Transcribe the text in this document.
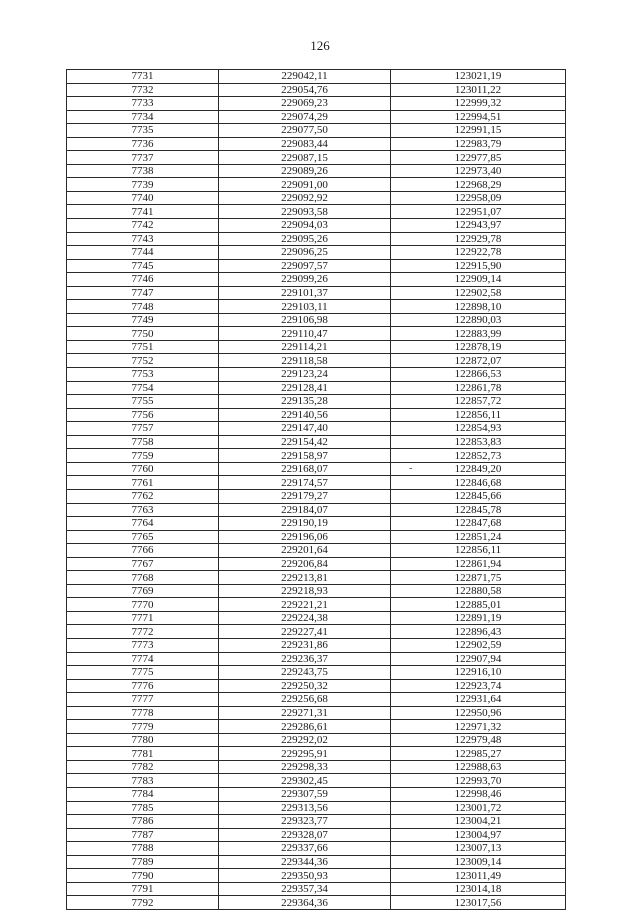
126
7731	229042,11	123021,19
7732	229054,76	123011,22
7733	229069,23	122999,32
7734	229074,29	122994,51
7735	229077,50	122991,15
7736	229083,44	122983,79
7737	229087,15	122977,85
7738	229089,26	122973,40
7739	229091,00	122968,29
7740	229092,92	122958,09
7741	229093,58	122951,07
7742	229094,03	122943,97
7743	229095,26	122929,78
7744	229096,25	122922,78
7745	229097,57	122915,90
7746	229099,26	122909,14
7747	229101,37	122902,58
7748	229103,11	122898,10
7749	229106,98	122890,03
7750	229110,47	122883,99
7751	229114,21	122878,19
7752	229118,58	122872,07
7753	229123,24	122866,53
7754	229128,41	122861,78
7755	229135,28	122857,72
7756	229140,56	122856,11
7757	229147,40	122854,93
7758	229154,42	122853,83
7759	229158,97	122852,73
7760	229168,07	122849,20
-

7761	229174,57	122846,68
7762	229179,27	122845,66
7763	229184,07	122845,78
7764	229190,19	122847,68
7765	229196,06	122851,24
7766	229201,64	122856,11
7767	229206,84	122861,94
7768	229213,81	122871,75
7769	229218,93	122880,58
7770	229221,21	122885,01
7771	229224,38	122891,19
7772	229227,41	122896,43
7773	229231,86	122902,59
7774	229236,37	122907,94
7775	229243,75	122916,10
7776	229250,32	122923,74
7777	229256,68	122931,64
7778	229271,31	122950,96
7779	229286,61	122971,32
7780	229292,02	122979,48
7781	229295,91	122985,27
7782	229298,33	122988,63
7783	229302,45	122993,70
7784	229307,59	122998,46
7785	229313,56	123001,72
7786	229323,77	123004,21
7787	229328,07	123004,97
7788	229337,66	123007,13
7789	229344,36	123009,14
7790	229350,93	123011,49
7791	229357,34	123014,18
7792	229364,36	123017,56
